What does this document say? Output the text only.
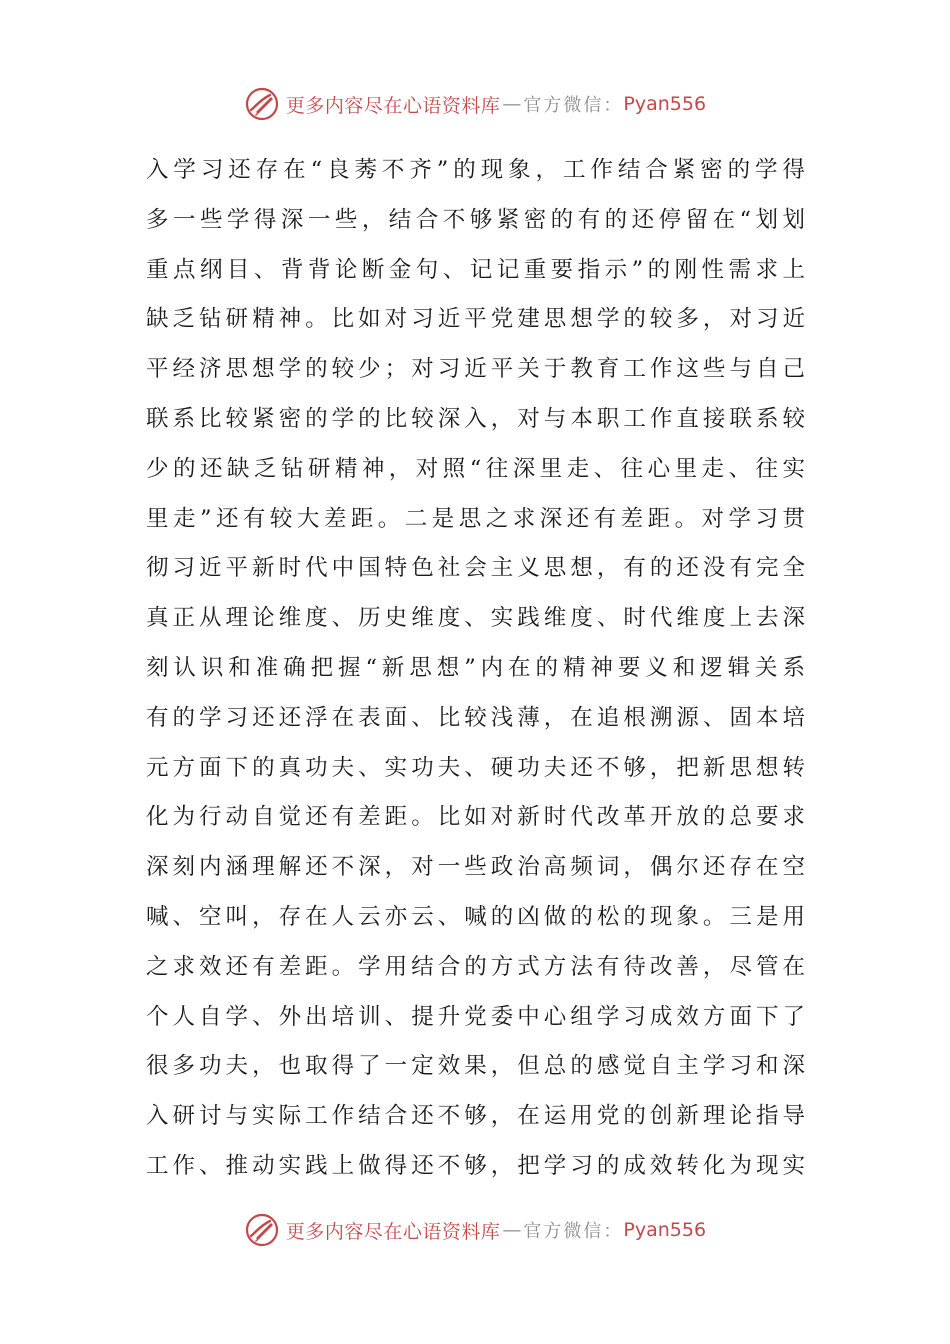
更多内容尽在心语资料库 — 官方微信： Pyan556
入学习还存在“良莠不齐”的现象，工作结合紧密的学得
多一些学得深一些，结合不够紧密的有的还停留在“划划
重点纲目、背背论断金句、记记重要指示”的刚性需求上
缺乏钻研精神。比如对习近平党建思想学的较多，对习近
平经济思想学的较少；对习近平关于教育工作这些与自己
联系比较紧密的学的比较深入，对与本职工作直接联系较
少的还缺乏钻研精神，对照“往深里走、往心里走、往实
里走”还有较大差距。二是思之求深还有差距。对学习贯
彻习近平新时代中国特色社会主义思想，有的还没有完全
真正从理论维度、历史维度、实践维度、时代维度上去深
刻认识和准确把握“新思想”内在的精神要义和逻辑关系
有的学习还还浮在表面、比较浅薄，在追根溯源、固本培
元方面下的真功夫、实功夫、硬功夫还不够，把新思想转
化为行动自觉还有差距。比如对新时代改革开放的总要求
深刻内涵理解还不深，对一些政治高频词，偶尔还存在空
喊、空叫，存在人云亦云、喊的凶做的松的现象。三是用
之求效还有差距。学用结合的方式方法有待改善，尽管在
个人自学、外出培训、提升党委中心组学习成效方面下了
很多功夫，也取得了一定效果，但总的感觉自主学习和深
入研讨与实际工作结合还不够，在运用党的创新理论指导
工作、推动实践上做得还不够，把学习的成效转化为现实
更多内容尽在心语资料库 — 官方微信： Pyan556
